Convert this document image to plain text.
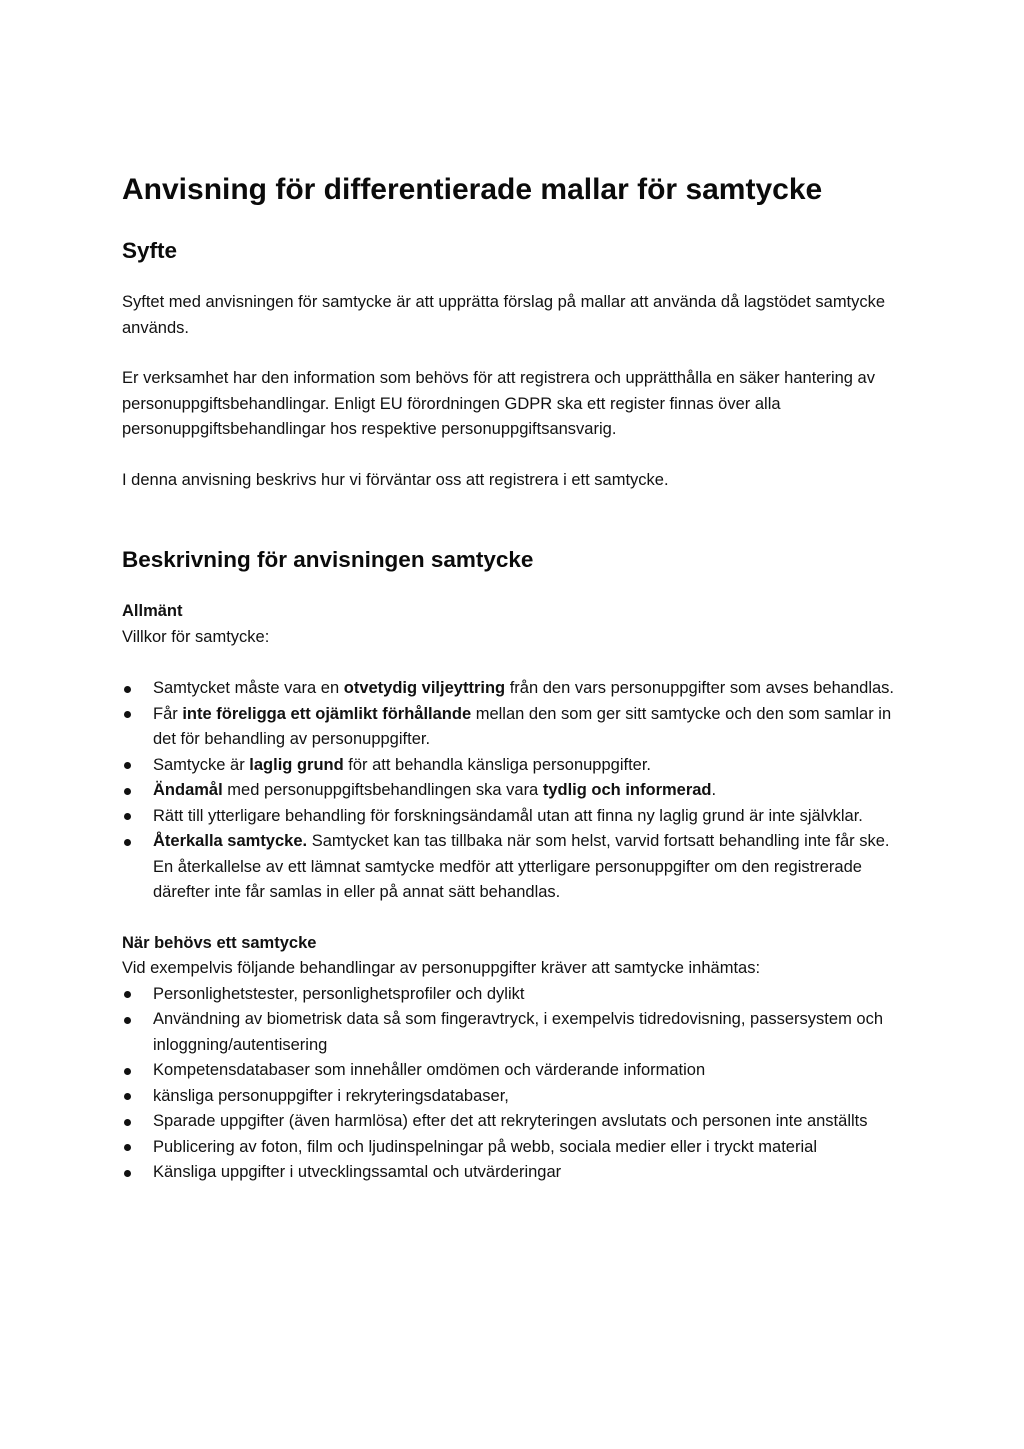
Anvisning för differentierade mallar för samtycke
Syfte

Syftet med anvisningen för samtycke är att upprätta förslag på mallar att använda då lagstödet samtycke används.

Er verksamhet har den information som behövs för att registrera och upprätthålla en säker hantering av personuppgiftsbehandlingar. Enligt EU förordningen GDPR ska ett register finnas över alla personuppgiftsbehandlingar hos respektive personuppgiftsansvarig.

I denna anvisning beskrivs hur vi förväntar oss att registrera i ett samtycke.

Beskrivning för anvisningen samtycke
Allmänt

Villkor för samtycke:

Samtycket måste vara en otvetydig viljeyttring från den vars personuppgifter som avses behandlas.
Får inte föreligga ett ojämlikt förhållande mellan den som ger sitt samtycke och den som samlar in det för behandling av personuppgifter.
Samtycke är laglig grund för att behandla känsliga personuppgifter.
Ändamål med personuppgiftsbehandlingen ska vara tydlig och informerad.
Rätt till ytterligare behandling för forskningsändamål utan att finna ny laglig grund är inte självklar.
Återkalla samtycke. Samtycket kan tas tillbaka när som helst, varvid fortsatt behandling inte får ske. En återkallelse av ett lämnat samtycke medför att ytterligare personuppgifter om den registrerade därefter inte får samlas in eller på annat sätt behandlas.
När behövs ett samtycke

Vid exempelvis följande behandlingar av personuppgifter kräver att samtycke inhämtas:

Personlighetstester, personlighetsprofiler och dylikt
Användning av biometrisk data så som fingeravtryck, i exempelvis tidredovisning, passersystem och inloggning/autentisering
Kompetensdatabaser som innehåller omdömen och värderande information
känsliga personuppgifter i rekryteringsdatabaser,
Sparade uppgifter (även harmlösa) efter det att rekryteringen avslutats och personen inte anställts
Publicering av foton, film och ljudinspelningar på webb, sociala medier eller i tryckt material
Känsliga uppgifter i utvecklingssamtal och utvärderingar
